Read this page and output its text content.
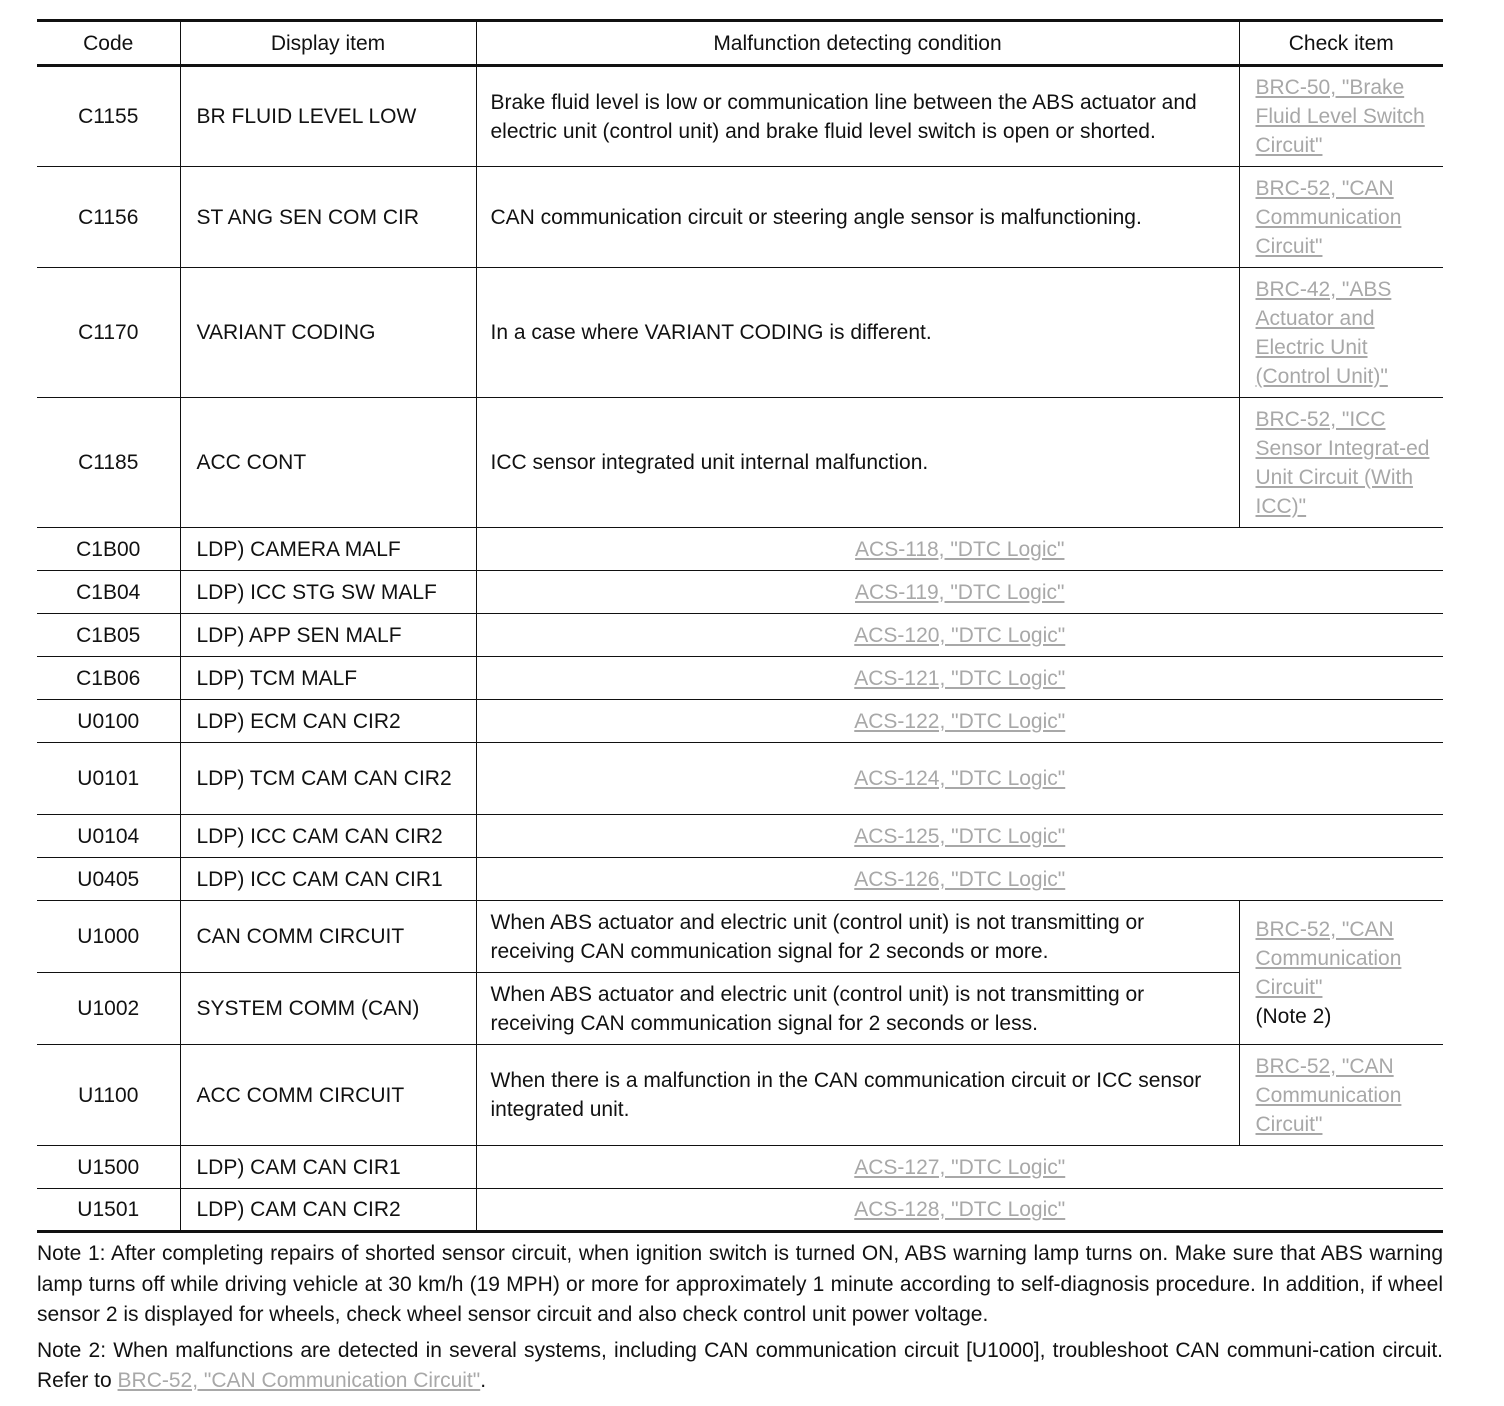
Code	Display item	Malfunction detecting condition	Check item
C1155	BR FLUID LEVEL LOW	Brake fluid level is low or communication line between the ABS actuator and electric unit (control unit) and brake fluid level switch is open or shorted.	BRC-50, "Brake Fluid Level Switch Circuit"

C1156	ST ANG SEN COM CIR	CAN communication circuit or steering angle sensor is malfunctioning.	BRC-52, "CAN Communication Circuit"

C1170	VARIANT CODING	In a case where VARIANT CODING is different.	BRC-42, "ABS Actuator and Electric Unit (Control Unit)"

C1185	ACC CONT	ICC sensor integrated unit internal malfunction.	BRC-52, "ICC Sensor Integrat-ed Unit Circuit (With ICC)"

C1B00	LDP) CAMERA MALF	ACS-118, "DTC Logic"	
C1B04	LDP) ICC STG SW MALF	ACS-119, "DTC Logic"	
C1B05	LDP) APP SEN MALF	ACS-120, "DTC Logic"	
C1B06	LDP) TCM MALF	ACS-121, "DTC Logic"	
U0100	LDP) ECM CAN CIR2	ACS-122, "DTC Logic"	
U0101	LDP) TCM CAM CAN CIR2	ACS-124, "DTC Logic"	
U0104	LDP) ICC CAM CAN CIR2	ACS-125, "DTC Logic"	
U0405	LDP) ICC CAM CAN CIR1	ACS-126, "DTC Logic"	
U1000	CAN COMM CIRCUIT	When ABS actuator and electric unit (control unit) is not transmitting or receiving CAN communication signal for 2 seconds or more.	BRC-52, "CAN Communication Circuit"
(Note 2)
U1002	SYSTEM COMM (CAN)	When ABS actuator and electric unit (control unit) is not transmitting or receiving CAN communication signal for 2 seconds or less.	
U1100	ACC COMM CIRCUIT	When there is a malfunction in the CAN communication circuit or ICC sensor integrated unit.	BRC-52, "CAN Communication Circuit"

U1500	LDP) CAM CAN CIR1	ACS-127, "DTC Logic"	
U1501	LDP) CAM CAN CIR2	ACS-128, "DTC Logic"	

Note 1: After completing repairs of shorted sensor circuit, when ignition switch is turned ON, ABS warning lamp turns on. Make sure that ABS warning lamp turns off while driving vehicle at 30 km/h (19 MPH) or more for approximately 1 minute according to self-diagnosis procedure. In addition, if wheel sensor 2 is displayed for wheels, check wheel sensor circuit and also check control unit power voltage.

Note 2: When malfunctions are detected in several systems, including CAN communication circuit [U1000], troubleshoot CAN communi-cation circuit. Refer to BRC-52, "CAN Communication Circuit".
